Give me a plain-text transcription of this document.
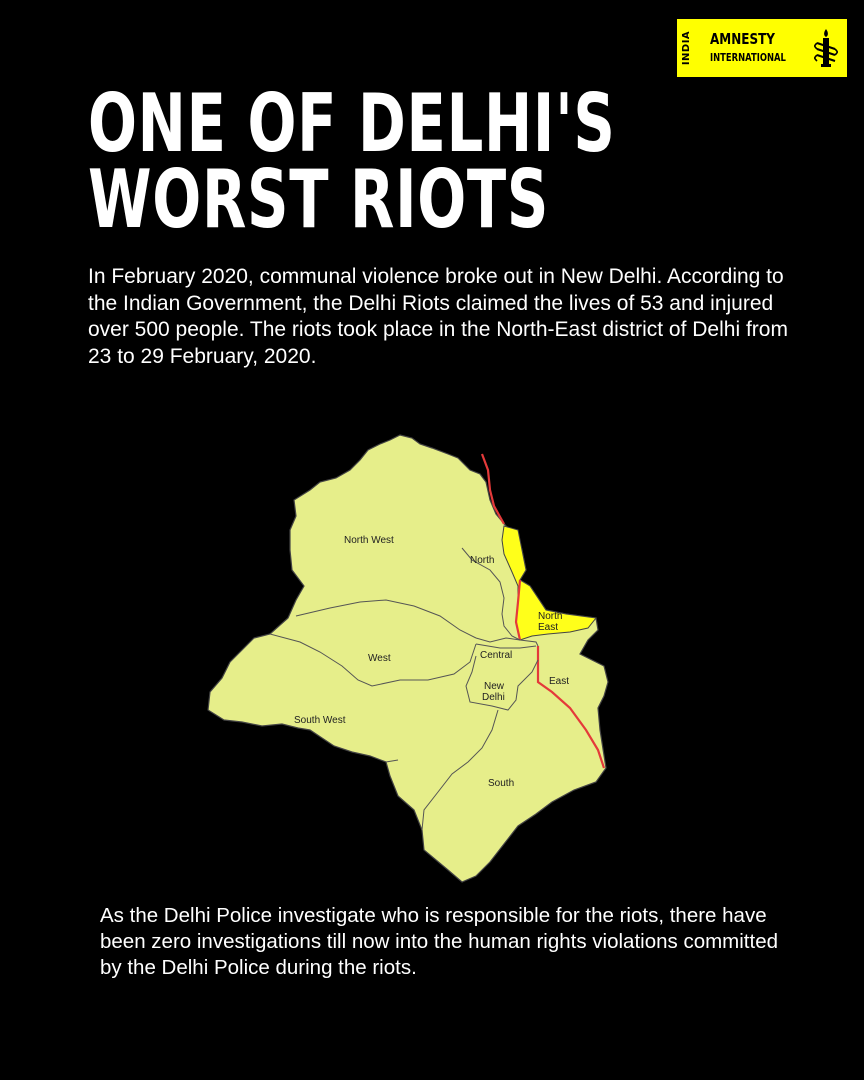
INDIA AMNESTY
INTERNATIONAL
ONE OF DELHI'S
WORST RIOTS

In February 2020, communal violence broke out in New Delhi. According to the Indian Government, the Delhi Riots claimed the lives of 53 and injured over 500 people. The riots took place in the North-East district of Delhi from 23 to 29 February, 2020.

North West
North
North
East
West	Central
New
Delhi
East
South West
South

As the Delhi Police investigate who is responsible for the riots, there have been zero investigations till now into the human rights violations committed by the Delhi Police during the riots.
